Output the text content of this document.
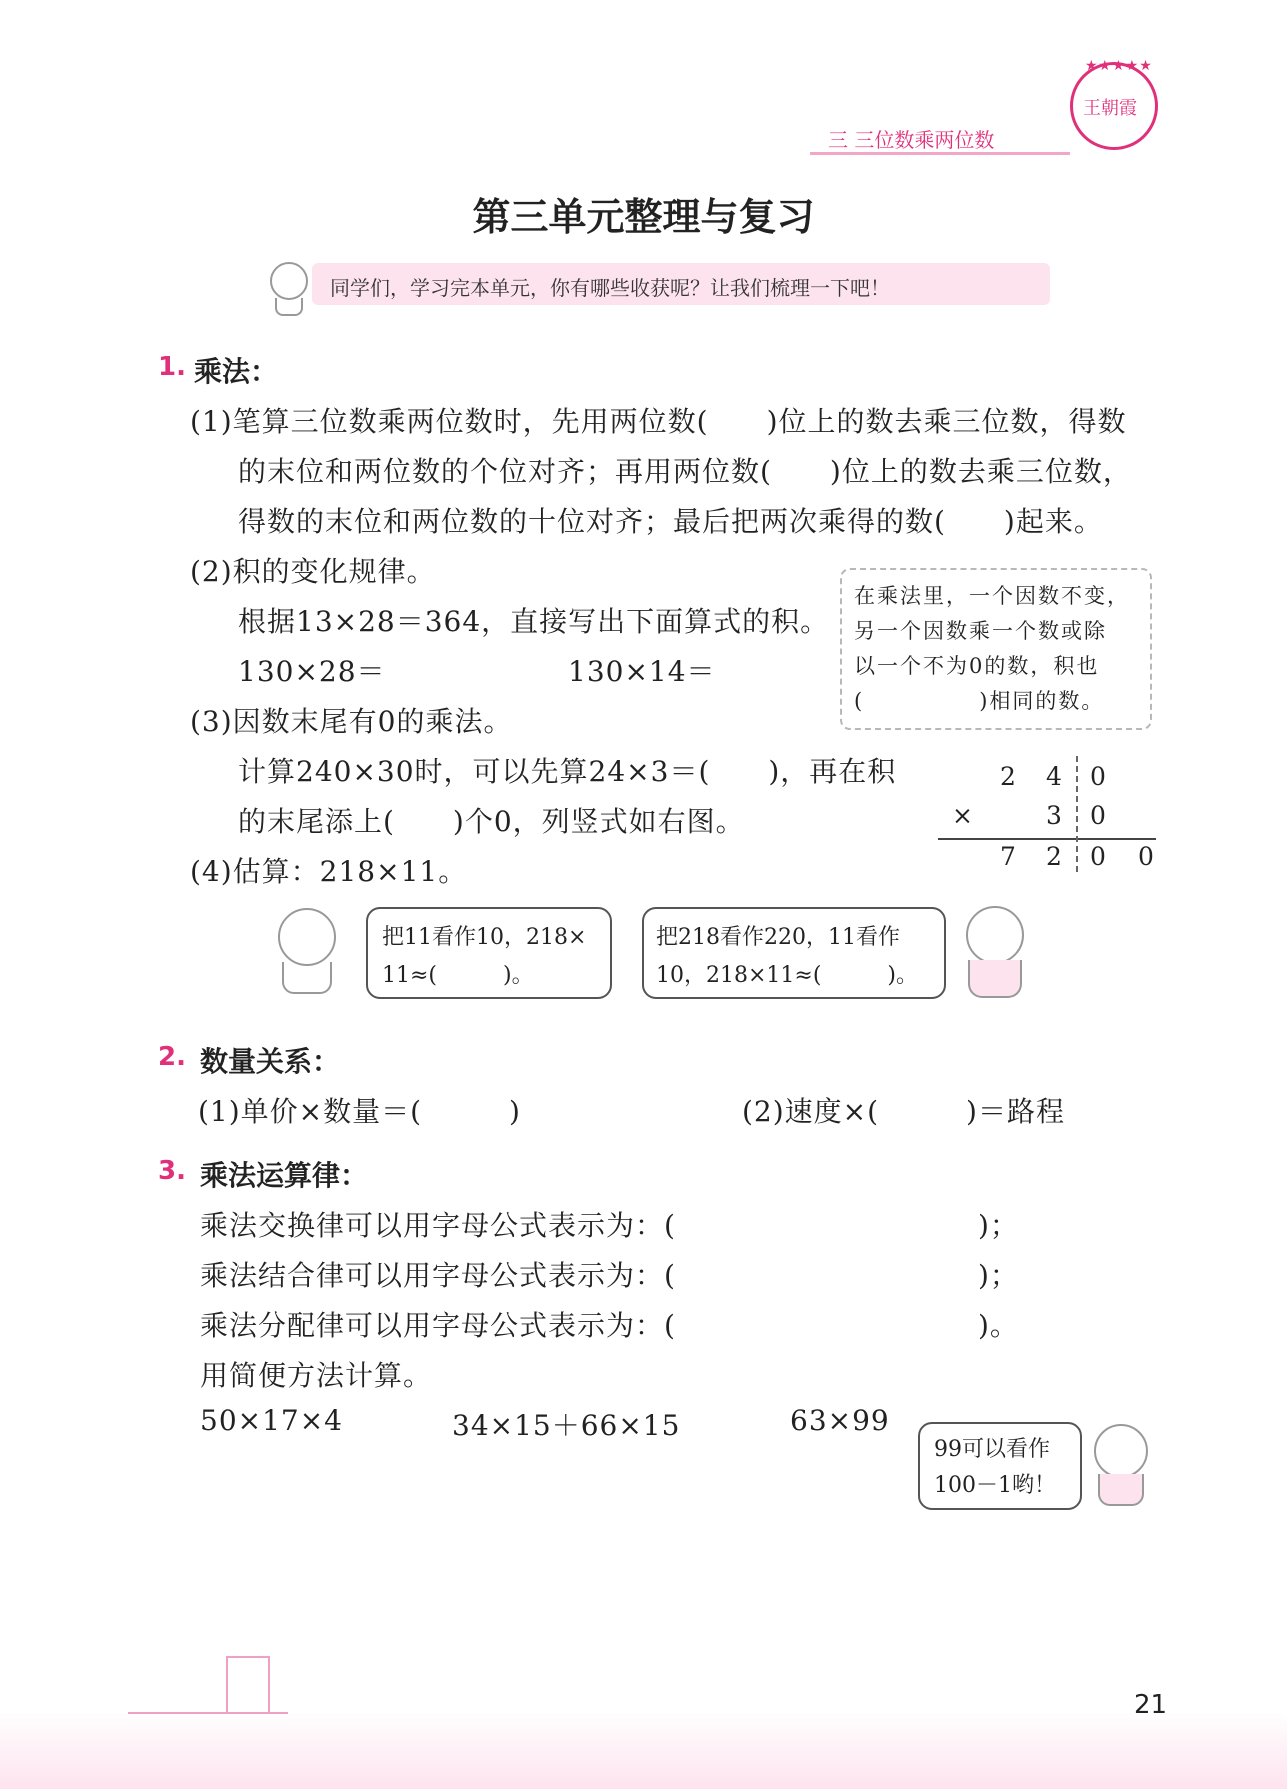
三 三位数乘两位数
★★★★★
王朝霞
第三单元整理与复习
同学们，学习完本单元，你有哪些收获呢？让我们梳理一下吧！
1. 乘法：
(1)笔算三位数乘两位数时，先用两位数(　　)位上的数去乘三位数，得数
的末位和两位数的个位对齐；再用两位数(　　)位上的数去乘三位数，
得数的末位和两位数的十位对齐；最后把两次乘得的数(　　)起来。
(2)积的变化规律。
根据13×28＝364，直接写出下面算式的积。
130×28＝	130×14＝
在乘法里，一个因数不变，
另一个因数乘一个数或除
以一个不为0的数，积也
(　　　　　)相同的数。
(3)因数末尾有0的乘法。
计算240×30时，可以先算24×3＝(　　)，再在积
的末尾添上(　　)个0，列竖式如右图。
2 4 0
×	3 0
7 2 0 0
(4)估算：218×11。
把11看作10，218×
11≈(　　　)。
把218看作220，11看作
10，218×11≈(　　　)。
2. 数量关系：
(1)单价×数量＝(　　　)	(2)速度×(　　　)＝路程
3. 乘法运算律：
乘法交换律可以用字母公式表示为：(	)；
乘法结合律可以用字母公式表示为：(	)；
乘法分配律可以用字母公式表示为：(	)。
用简便方法计算。
50×17×4	34×15＋66×15	63×99
99可以看作
100－1哟！
21
